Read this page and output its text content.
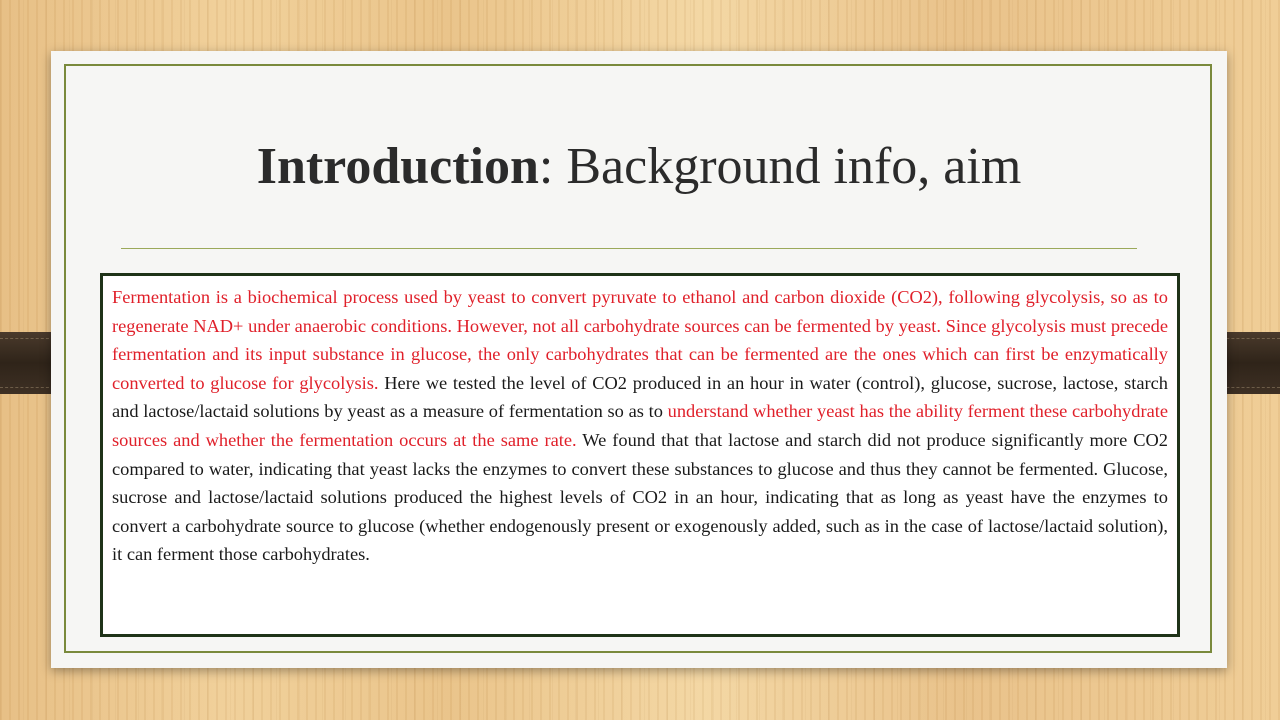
Introduction: Background info, aim
Fermentation is a biochemical process used by yeast to convert pyruvate to ethanol and carbon dioxide (CO2), following glycolysis, so as to regenerate NAD+ under anaerobic conditions. However, not all carbohydrate sources can be fermented by yeast. Since glycolysis must precede fermentation and its input substance in glucose, the only carbohydrates that can be fermented are the ones which can first be enzymatically converted to glucose for glycolysis. Here we tested the level of CO2 produced in an hour in water (control), glucose, sucrose, lactose, starch and lactose/lactaid solutions by yeast as a measure of fermentation so as to understand whether yeast has the ability ferment these carbohydrate sources and whether the fermentation occurs at the same rate. We found that that lactose and starch did not produce significantly more CO2 compared to water, indicating that yeast lacks the enzymes to convert these substances to glucose and thus they cannot be fermented. Glucose, sucrose and lactose/lactaid solutions produced the highest levels of CO2 in an hour, indicating that as long as yeast have the enzymes to convert a carbohydrate source to glucose (whether endogenously present or exogenously added, such as in the case of lactose/lactaid solution), it can ferment those carbohydrates.
